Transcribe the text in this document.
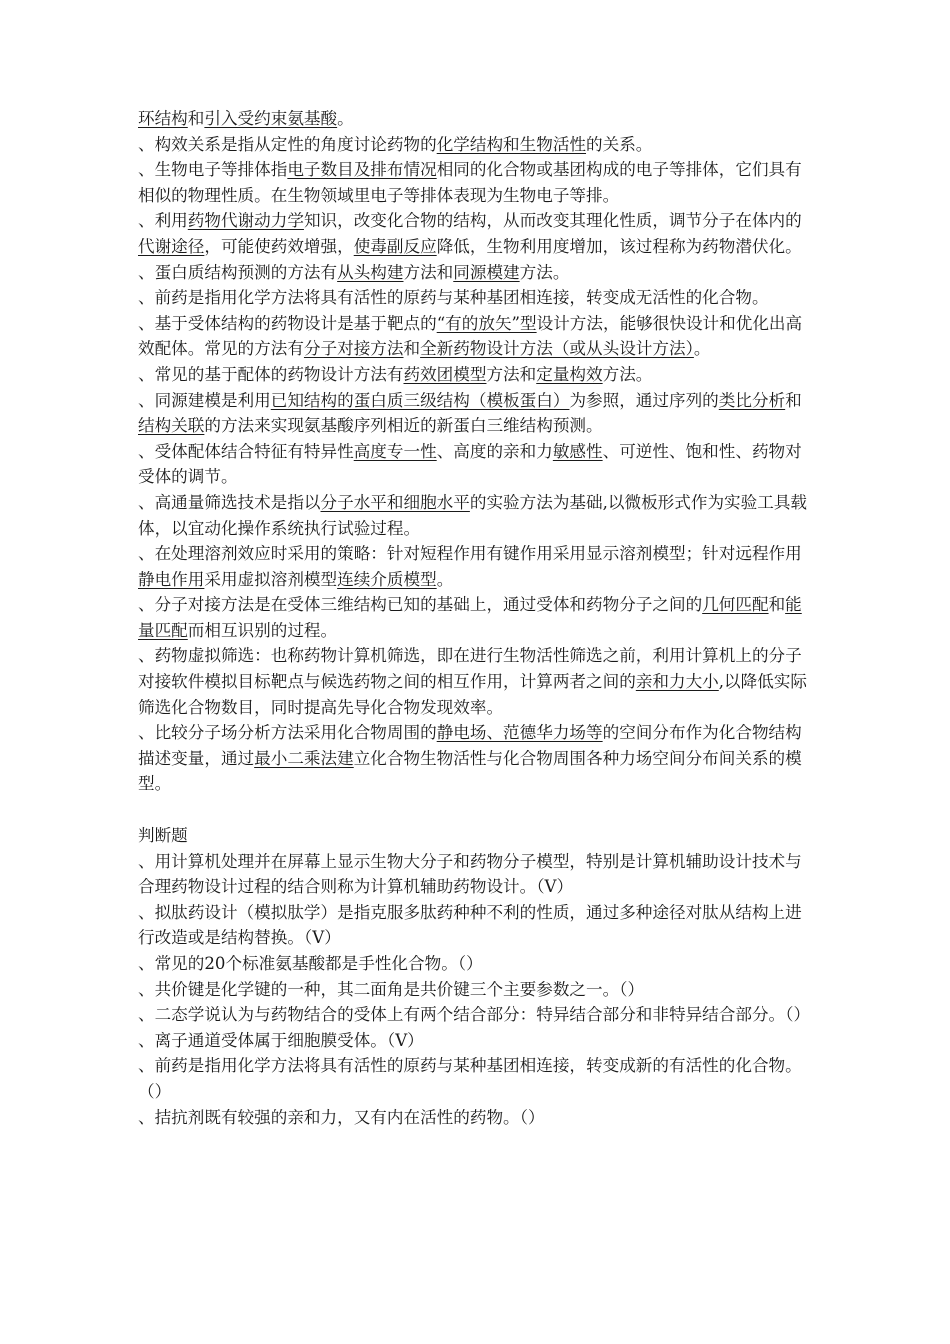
环结构和引入受约束氨基酸。

、构效关系是指从定性的角度讨论药物的化学结构和生物活性的关系。

、生物电子等排体指电子数目及排布情况相同的化合物或基团构成的电子等排体，它们具有相似的物理性质。在生物领域里电子等排体表现为生物电子等排。

、利用药物代谢动力学知识，改变化合物的结构，从而改变其理化性质，调节分子在体内的代谢途径，可能使药效增强，使毒副反应降低，生物利用度增加，该过程称为药物潜伏化。

、蛋白质结构预测的方法有从头构建方法和同源模建方法。

、前药是指用化学方法将具有活性的原药与某种基团相连接，转变成无活性的化合物。

、基于受体结构的药物设计是基于靶点的“有的放矢”型设计方法，能够很快设计和优化出高效配体。常见的方法有分子对接方法和全新药物设计方法（或从头设计方法）。

、常见的基于配体的药物设计方法有药效团模型方法和定量构效方法。

、同源建模是利用已知结构的蛋白质三级结构（模板蛋白）为参照，通过序列的类比分析和结构关联的方法来实现氨基酸序列相近的新蛋白三维结构预测。

、受体配体结合特征有特异性高度专一性、高度的亲和力敏感性、可逆性、饱和性、药物对受体的调节。

、高通量筛选技术是指以分子水平和细胞水平的实验方法为基础,以微板形式作为实验工具载体，以宜动化操作系统执行试验过程。

、在处理溶剂效应时采用的策略：针对短程作用有键作用采用显示溶剂模型；针对远程作用静电作用采用虚拟溶剂模型连续介质模型。

、分子对接方法是在受体三维结构已知的基础上，通过受体和药物分子之间的几何匹配和能量匹配而相互识别的过程。

、药物虚拟筛选：也称药物计算机筛选，即在进行生物活性筛选之前，利用计算机上的分子对接软件模拟目标靶点与候选药物之间的相互作用，计算两者之间的亲和力大小,以降低实际筛选化合物数目，同时提高先导化合物发现效率。

、比较分子场分析方法采用化合物周围的静电场、范德华力场等的空间分布作为化合物结构描述变量，通过最小二乘法建立化合物生物活性与化合物周围各种力场空间分布间关系的模型。

判断题

、用计算机处理并在屏幕上显示生物大分子和药物分子模型，特别是计算机辅助设计技术与合理药物设计过程的结合则称为计算机辅助药物设计。（V）

、拟肽药设计（模拟肽学）是指克服多肽药种种不利的性质，通过多种途径对肽从结构上进行改造或是结构替换。（V）

、常见的20个标准氨基酸都是手性化合物。（）

、共价键是化学键的一种，其二面角是共价键三个主要参数之一。（）

、二态学说认为与药物结合的受体上有两个结合部分：特异结合部分和非特异结合部分。（）

、离子通道受体属于细胞膜受体。（V）

、前药是指用化学方法将具有活性的原药与某种基团相连接，转变成新的有活性的化合物。（）

、拮抗剂既有较强的亲和力，又有内在活性的药物。（）
